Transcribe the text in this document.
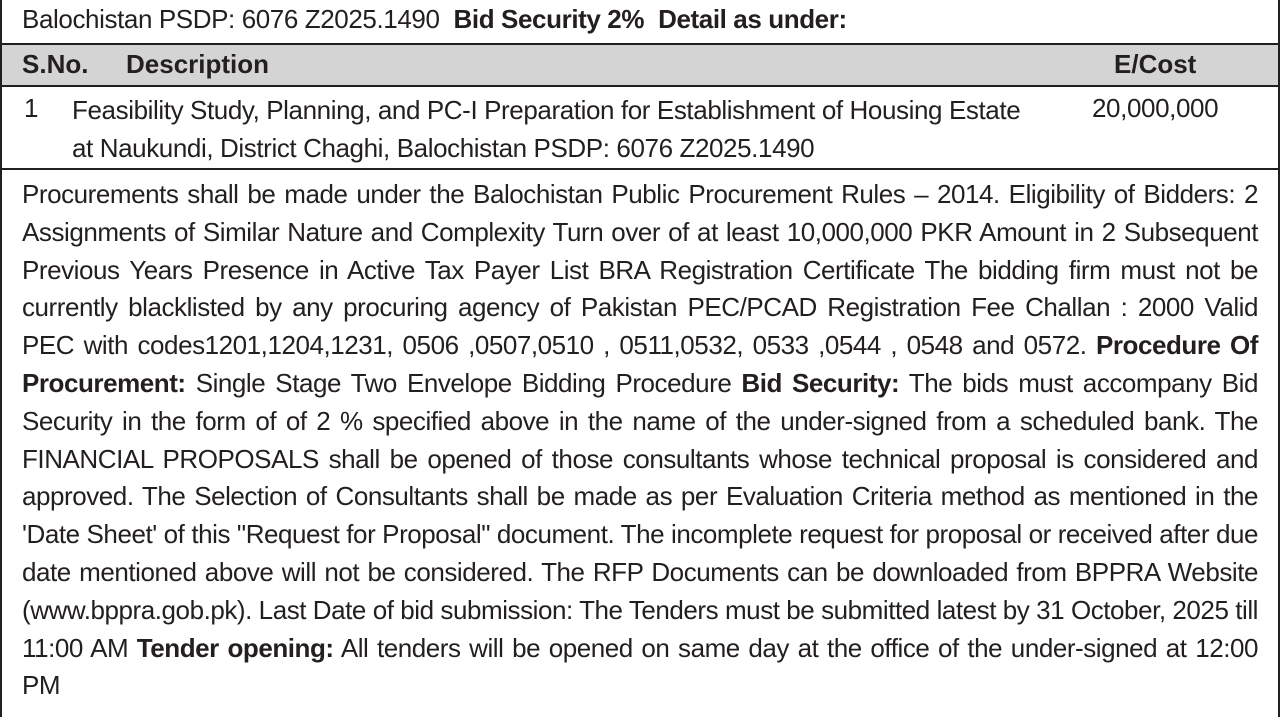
Balochistan PSDP: 6076 Z2025.1490 Bid Security 2% Detail as under:
S.No. Description	E/Cost
1 Feasibility Study, Planning, and PC-I Preparation for Establishment of Housing Estate at Naukundi, District Chaghi, Balochistan PSDP: 6076 Z2025.1490
20,000,000
Procurements shall be made under the Balochistan Public Procurement Rules – 2014. Eligibility of Bidders: 2 Assignments of Similar Nature and Complexity Turn over of at least 10,000,000 PKR Amount in 2 Subsequent Previous Years Presence in Active Tax Payer List BRA Registration Certificate The bidding firm must not be currently blacklisted by any procuring agency of Pakistan PEC/PCAD Registration Fee Challan : 2000 Valid PEC with codes1201,1204,1231, 0506 ,0507,0510 , 0511,0532, 0533 ,0544 , 0548 and 0572. Procedure Of Procurement: Single Stage Two Envelope Bidding Procedure Bid Security: The bids must accompany Bid Security in the form of of 2 % specified above in the name of the under-signed from a scheduled bank. The FINANCIAL PROPOSALS shall be opened of those consultants whose technical proposal is considered and approved. The Selection of Consultants shall be made as per Evaluation Criteria method as mentioned in the 'Date Sheet' of this "Request for Proposal" document. The incomplete request for proposal or received after due date mentioned above will not be considered. The RFP Documents can be downloaded from BPPRA Website (www.bppra.gob.pk). Last Date of bid submission: The Tenders must be submitted latest by 31 October, 2025 till 11:00 AM Tender opening: All tenders will be opened on same day at the office of the under-signed at 12:00 PM
